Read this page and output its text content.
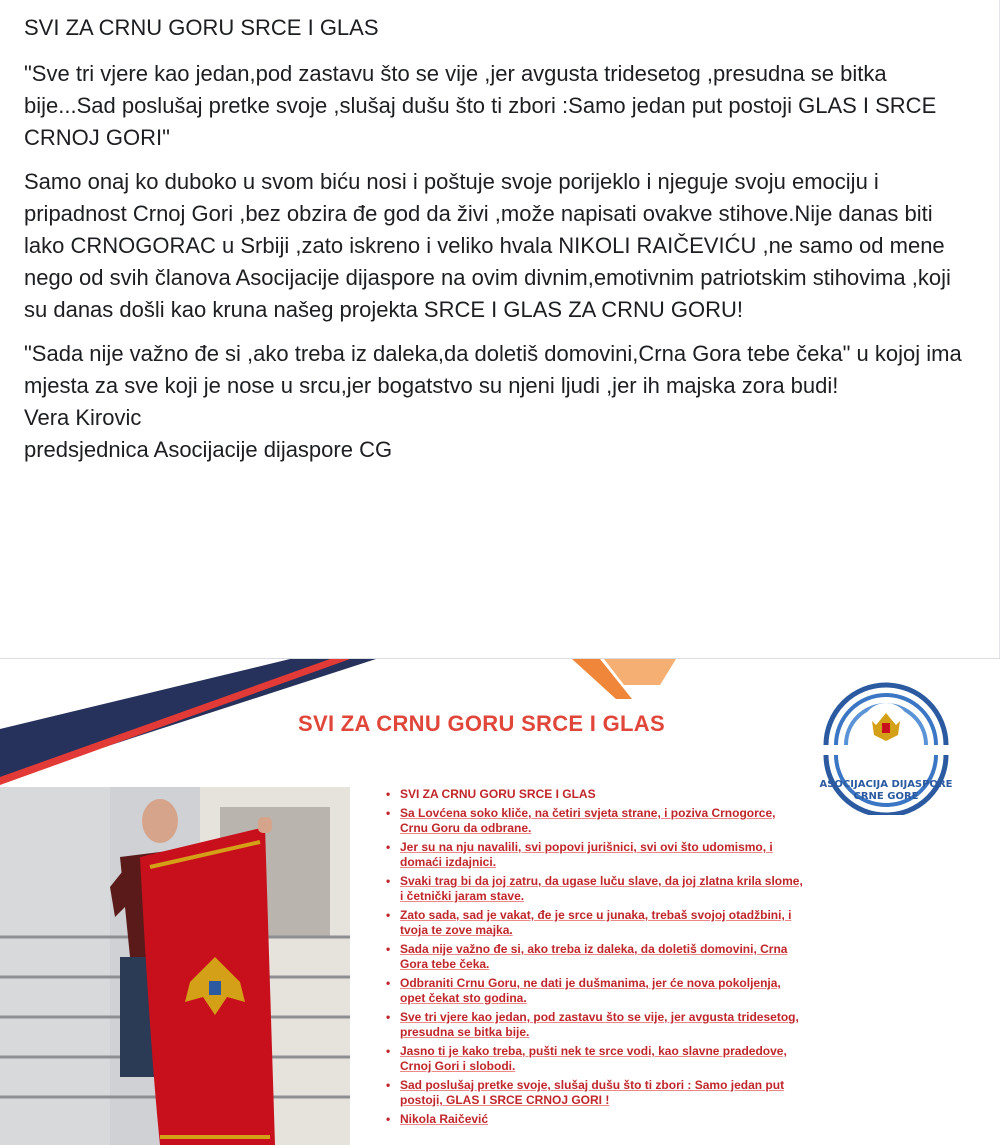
SVI ZA CRNU GORU SRCE I GLAS

"Sve tri vjere kao jedan,pod zastavu što se vije ,jer avgusta tridesetog ,presudna se bitka bije...Sad poslušaj pretke svoje ,slušaj dušu što ti zbori :Samo jedan put postoji GLAS I SRCE CRNOJ GORI"

Samo onaj ko duboko u svom biću nosi i poštuje svoje porijeklo i njeguje svoju emociju i pripadnost Crnoj Gori ,bez obzira đe god da živi ,može napisati ovakve stihove.Nije danas biti lako CRNOGORAC u Srbiji ,zato iskreno i veliko hvala NIKOLI RAIČEVIĆU ,ne samo od mene nego od svih članova Asocijacije dijaspore na ovim divnim,emotivnim patriotskim stihovima ,koji su danas došli kao kruna našeg projekta SRCE I GLAS ZA CRNU GORU!

"Sada nije važno đe si ,ako treba iz daleka,da doletiš domovini,Crna Gora tebe čeka" u kojoj ima mjesta za sve koji je nose u srcu,jer bogatstvo su njeni ljudi ,jer ih majska zora budi!

Vera Kirovic

predsjednica Asocijacije dijaspore CG

SVI ZA CRNU GORU SRCE I GLAS
ASOCIJACIJA DIJASPORE
CRNE GORE
• SVI ZA CRNU GORU SRCE I GLAS
• Sa Lovćena soko kliče, na četiri svjeta strane, i poziva Crnogorce, Crnu Goru da odbrane.
• Jer su na nju navalili, svi popovi jurišnici, svi ovi što udomismo, i domaći izdajnici.
• Svaki trag bi da joj zatru, da ugase luču slave, da joj zlatna krila slome, i četnički jaram stave.
• Zato sada, sad je vakat, đe je srce u junaka, trebaš svojoj otadžbini, i tvoja te zove majka.
• Sada nije važno đe si, ako treba iz daleka, da doletiš domovini, Crna Gora tebe čeka.
• Odbraniti Crnu Goru, ne dati je dušmanima, jer će nova pokoljenja, opet čekat sto godina.
• Sve tri vjere kao jedan, pod zastavu što se vije, jer avgusta tridesetog, presudna se bitka bije.
• Jasno ti je kako treba, pušti nek te srce vodi, kao slavne pradedove, Crnoj Gori i slobodi.
• Sad poslušaj pretke svoje, slušaj dušu što ti zbori : Samo jedan put postoji, GLAS I SRCE CRNOJ GORI !
• Nikola Raičević
